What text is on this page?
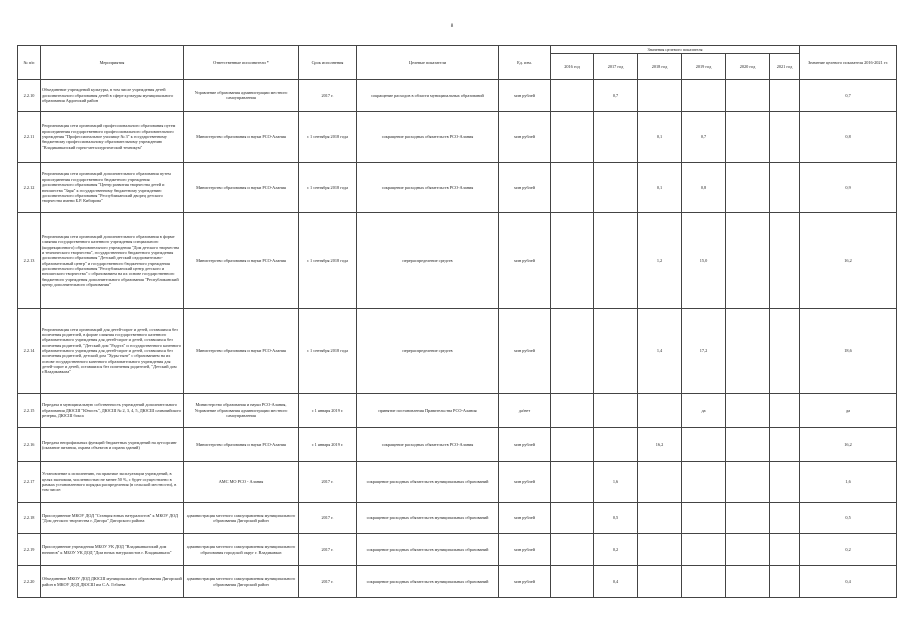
8
№ п/п	Мероприятия	Ответственные исполнители *	Срок исполнения	Целевые показатели	Ед. изм.	Значения целевого показателя						Значение целевого показателя 2016-2021 гг.
						2016 год	2017 год	2018 год	2019 год	2020 год	2021 год	
2.2.10	Объединение учреждений культуры, в том числе учреждения детей дополнительного образования детей в сфере культуры муниципального образования Ардонский район	Управление образования администрации местного самоуправления	2017 г.	сокращение расходов в области муниципальных образований	млн рублей		0,7					0,7
2.2.11	Реорганизация сети организаций профессионального образования путем присоединения государственного профессионального образовательного учреждения "Профессиональное училище № 3" к государственному бюджетному профессиональному образовательному учреждению "Владикавказский горно-металлургический техникум"	Министерство образования и науки РСО-Алания	с 1 сентября 2018 года	сокращение расходных обязательств РСО-Алания	млн рублей			0,1	0,7			0,8
2.2.12	Реорганизация сети организаций дополнительного образования путем присоединения государственного бюджетного учреждения дополнительного образования "Центр развития творчества детей и юношества "Заря" к государственному бюджетному учреждению дополнительного образования "Республиканский дворец детского творчества имени Б.Р. Кибирова"	Министерство образования и науки РСО-Алания	с 1 сентября 2018 года	сокращение расходных обязательств РСО-Алания	млн рублей			0,1	0,8			0,9
2.2.13	Реорганизация сети организаций дополнительного образования в форме слияния государственного казенного учреждения специального (коррекционного) образовательного учреждения "Дом детского творчества и технического творчества", государственного бюджетного учреждения дополнительного образования "Детский детский оздоровительно-образовательный центр" и государственного бюджетного учреждения дополнительного образования "Республиканский центр детского и юношеского творчества" с образованием на их основе государственного бюджетного учреждения дополнительного образования "Республиканский центр дополнительного образования"	Министерство образования и науки РСО-Алания	с 1 сентября 2018 года	перераспределение средств	млн рублей			1,2	15,0			16,2
2.2.14	Реорганизация сети организаций для детей-сирот и детей, оставшихся без попечения родителей, в форме слияния государственного казенного образовательного учреждения для детей-сирот и детей, оставшихся без попечения родителей, "Детский дом "Радуга" и государственного казенного образовательного учреждения для детей-сирот и детей, оставшихся без попечения родителей, детский дом "Хуры тынг" с образованием на их основе государственного казенного образовательного учреждения для детей-сирот и детей, оставшихся без попечения родителей, "Детский дом г.Владикавказа"	Министерство образования и науки РСО-Алания	с 1 сентября 2018 года	перераспределение средств	млн рублей			1,4	17,2			18,6
2.2.15	Передача в муниципальную собственность учреждений дополнительного образования ДЮСШ "Юность", ДЮСШ № 2, 3, 4, 5, ДЮСШ олимпийского резерва, ДЮСШ бокса	Министерство образования и науки РСО-Алания, Управление образования администрации местного самоуправления	с 1 января 2019 г.	принятие постановления Правительства РСО-Алания	да/нет				да			да
2.2.16	Передача непрофильных функций бюджетных учреждений на аутсорсинг (оказание питания, охрана объектов и охрана зданий)	Министерство образования и науки РСО-Алания	с 1 января 2019 г.	сокращение расходных обязательств РСО-Алания	млн рублей			16,2				16,2
2.2.17	Установление к исполнению, на практике эксплуатации учреждений, в целях экономии, численностью не менее 50 %, с будет осуществлено в рамках установленного порядка распределения (в сельской местности), в том числе:	АМС МО РСО - Алания	2017 г.	сокращение расходных обязательств муниципальных образований	млн рублей		1,6					1,6
2.2.18	Присоединение МКОУ ДОД "Станция юных натуралистов" к МКОУ ДОД "Дом детского творчества г. Дигора" Дигорского района	администрация местного самоуправления муниципального образования Дигорский район	2017 г.	сокращение расходных обязательств муниципальных образований	млн рублей		0,5					0,5
2.2.19	Присоединение учреждения МБОУ УК ДОД "Владикавказский дом юннатов" к МБОУ УК ДОД "Дом юных натуралистов г. Владикавказа"	администрация местного самоуправления муниципального образования городской округ г. Владикавказ	2017 г.	сокращение расходных обязательств муниципальных образований	млн рублей		0,2					0,2
2.2.20	Объединение МКОУ ДОД ДЮСШ муниципального образования Дигорский район в МКОУ ДОД ДЮСШ им С.А. Гобаева	администрация местного самоуправления муниципального образования Дигорский район	2017 г.	сокращение расходных обязательств муниципальных образований	млн рублей		0,4					0,4
